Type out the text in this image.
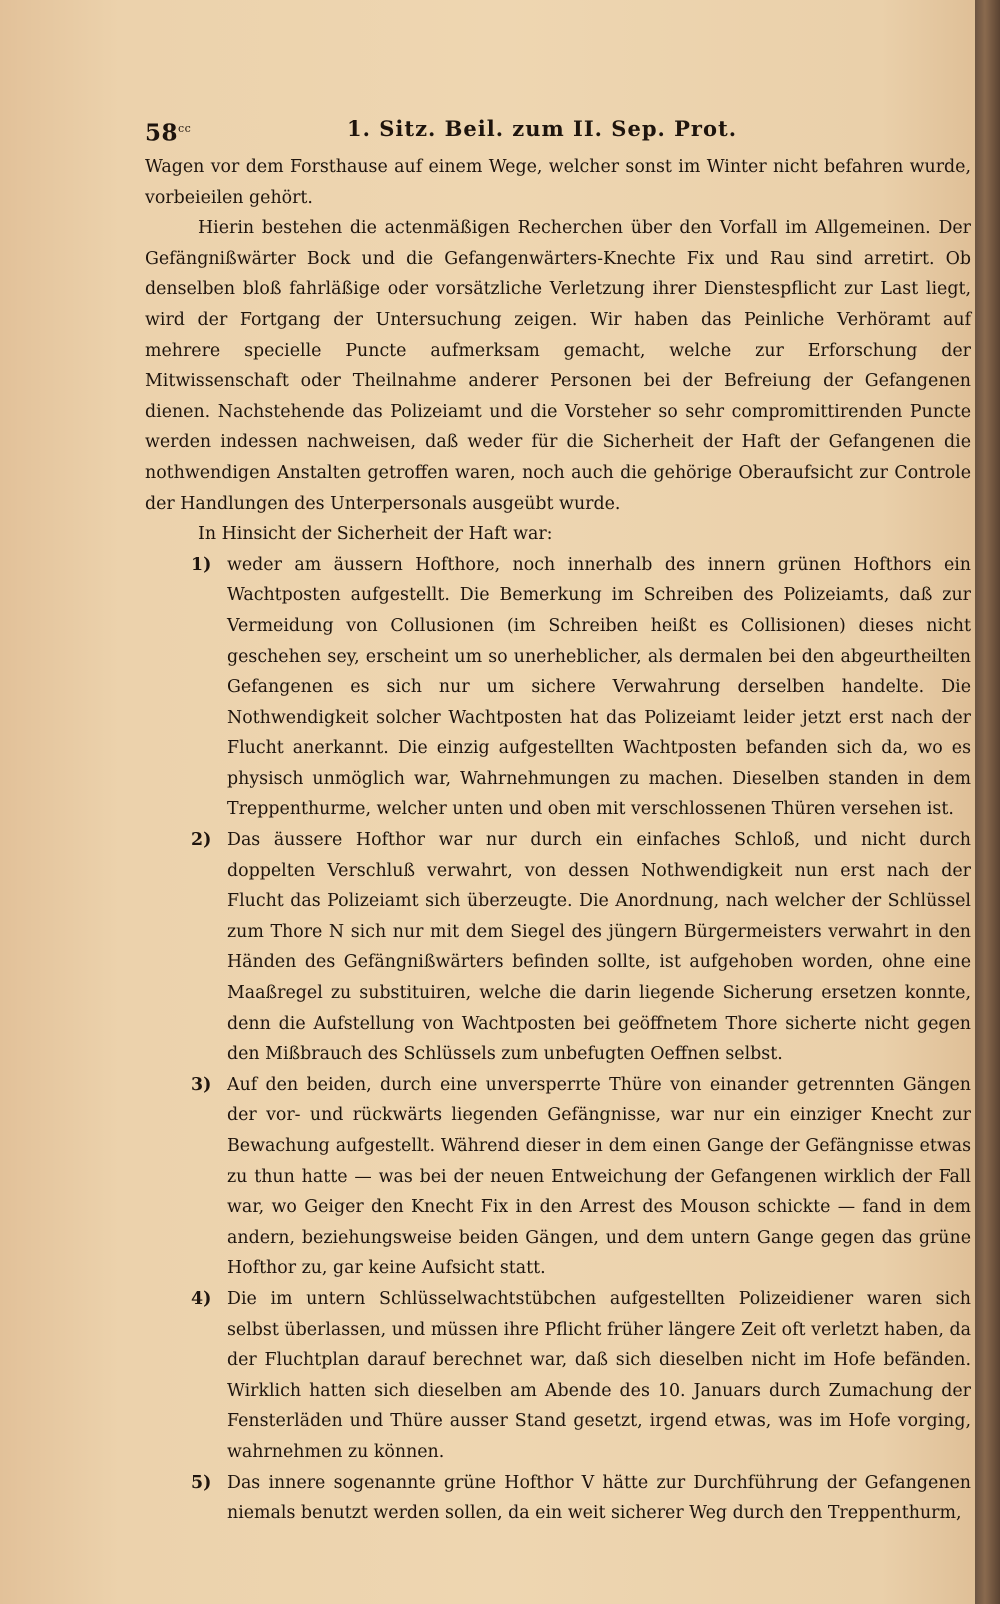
$58^{cc}$	1. Sitz. Beil. zum II. Sep. Prot.

Wagen vor dem Forsthause auf einem Wege, welcher sonst im Winter nicht befahren wurde, vorbeieilen gehört.

Hierin bestehen die actenmäßigen Recherchen über den Vorfall im Allgemeinen. Der Gefängnißwärter Bock und die Gefangenwärters-Knechte Fix und Rau sind arretirt. Ob denselben bloß fahrläßige oder vorsätzliche Verletzung ihrer Dienstespflicht zur Last liegt, wird der Fortgang der Untersuchung zeigen. Wir haben das Peinliche Verhöramt auf mehrere specielle Puncte aufmerksam gemacht, welche zur Erforschung der Mitwissenschaft oder Theilnahme anderer Personen bei der Befreiung der Gefangenen dienen. Nachstehende das Polizeiamt und die Vorsteher so sehr compromittirenden Puncte werden indessen nachweisen, daß weder für die Sicherheit der Haft der Gefangenen die nothwendigen Anstalten getroffen waren, noch auch die gehörige Oberaufsicht zur Controle der Handlungen des Unterpersonals ausgeübt wurde.

In Hinsicht der Sicherheit der Haft war:

1) weder am äussern Hofthore, noch innerhalb des innern grünen Hofthors ein Wachtposten aufgestellt. Die Bemerkung im Schreiben des Polizeiamts, daß zur Vermeidung von Collusionen (im Schreiben heißt es Collisionen) dieses nicht geschehen sey, erscheint um so unerheblicher, als dermalen bei den abgeurtheilten Gefangenen es sich nur um sichere Verwahrung derselben handelte. Die Nothwendigkeit solcher Wachtposten hat das Polizeiamt leider jetzt erst nach der Flucht anerkannt. Die einzig aufgestellten Wachtposten befanden sich da, wo es physisch unmöglich war, Wahrnehmungen zu machen. Dieselben standen in dem Treppenthurme, welcher unten und oben mit verschlossenen Thüren versehen ist.
2) Das äussere Hofthor war nur durch ein einfaches Schloß, und nicht durch doppelten Verschluß verwahrt, von dessen Nothwendigkeit nun erst nach der Flucht das Polizeiamt sich überzeugte. Die Anordnung, nach welcher der Schlüssel zum Thore N sich nur mit dem Siegel des jüngern Bürgermeisters verwahrt in den Händen des Gefängnißwärters befinden sollte, ist aufgehoben worden, ohne eine Maaßregel zu substituiren, welche die darin liegende Sicherung ersetzen konnte, denn die Aufstellung von Wachtposten bei geöffnetem Thore sicherte nicht gegen den Mißbrauch des Schlüssels zum unbefugten Oeffnen selbst.
3) Auf den beiden, durch eine unversperrte Thüre von einander getrennten Gängen der vor- und rückwärts liegenden Gefängnisse, war nur ein einziger Knecht zur Bewachung aufgestellt. Während dieser in dem einen Gange der Gefängnisse etwas zu thun hatte — was bei der neuen Entweichung der Gefangenen wirklich der Fall war, wo Geiger den Knecht Fix in den Arrest des Mouson schickte — fand in dem andern, beziehungsweise beiden Gängen, und dem untern Gange gegen das grüne Hofthor zu, gar keine Aufsicht statt.
4) Die im untern Schlüsselwachtstübchen aufgestellten Polizeidiener waren sich selbst überlassen, und müssen ihre Pflicht früher längere Zeit oft verletzt haben, da der Fluchtplan darauf berechnet war, daß sich dieselben nicht im Hofe befänden. Wirklich hatten sich dieselben am Abende des 10. Januars durch Zumachung der Fensterläden und Thüre ausser Stand gesetzt, irgend etwas, was im Hofe vorging, wahrnehmen zu können.
5) Das innere sogenannte grüne Hofthor V hätte zur Durchführung der Gefangenen niemals benutzt werden sollen, da ein weit sicherer Weg durch den Treppenthurm,
